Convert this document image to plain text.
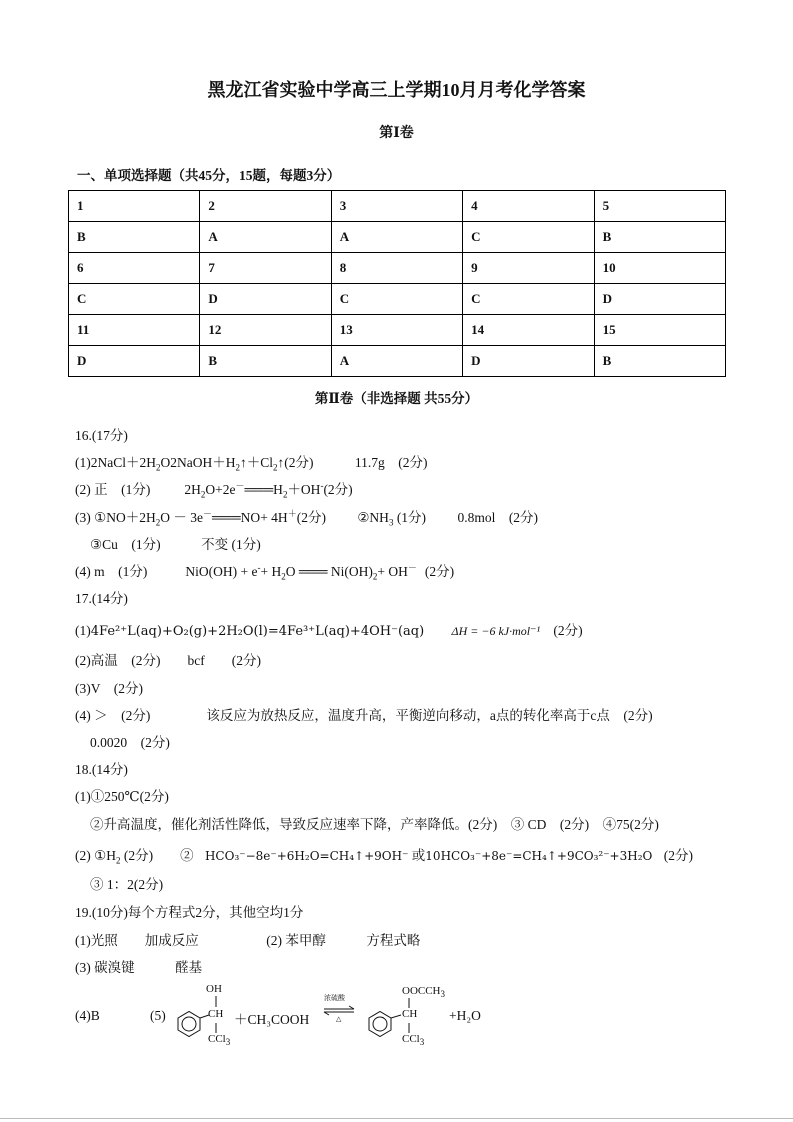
黑龙江省实验中学高三上学期10月月考化学答案
第Ⅰ卷
一、单项选择题（共45分，15题，每题3分）
1	2	3	4	5
B	A	A	C	B
6	7	8	9	10
C	D	C	C	D
11	12	13	14	15
D	B	A	D	B
第Ⅱ卷（非选择题 共55分）
16.(17分)
$(1)2NaCl+2H_2O2NaOH+H_2↑+Cl_2↑(2$分)	11.7g　(2分)
(2) 正　(1分)	$2H_2O+2e^-═══H_2+OH^-(2$分)
(3) $①NO+2H_2O$ － 3e－═══NO+ 4H＋(2分) $②NH_3$ (1分) 0.8mol　(2分)
③Cu　(1分)　　　不变 (1分)
(4) m　(1分)	$NiO(OH) + e^-+ H_2O$ ═══ $Ni(OH)_2+ OH^-$ (2分)
17.(14分)
(1)4Fe²⁺L(aq)+O₂(g)+2H₂O(l)=4Fe³⁺L(aq)+4OH⁻(aq) ΔH = −6 kJ·mol⁻¹ (2分)
(2)高温　(2分)　　bcf　　(2分)
(3)V　(2分)
(4) ＞　(2分)	该反应为放热反应，温度升高，平衡逆向移动，a点的转化率高于c点　(2分)
0.0020　(2分)
18.(14分)
(1)①250℃(2分)
②升高温度，催化剂活性降低，导致反应速率下降，产率降低。(2分)　③ CD　(2分)　④75(2分)
(2) $①H_2$ (2分)　　② HCO₃⁻−8e⁻+6H₂O=CH₄↑+9OH⁻ 或10HCO₃⁻+8e⁻=CH₄↑+9CO₃²⁻+3H₂O (2分)
③ 1：2(2分)
19.(10分)每个方程式2分，其他空均1分
(1)光照　　加成反应　　　　　(2) 苯甲醇　　　方程式略
(3) 碳溴键　　　醛基
(4)B	(5)
OH
CH
CCl$_3$
＋CH₃COOH
浓硫酸
△
$OOCCH_3$
CH
CCl$_3$
+H₂O
